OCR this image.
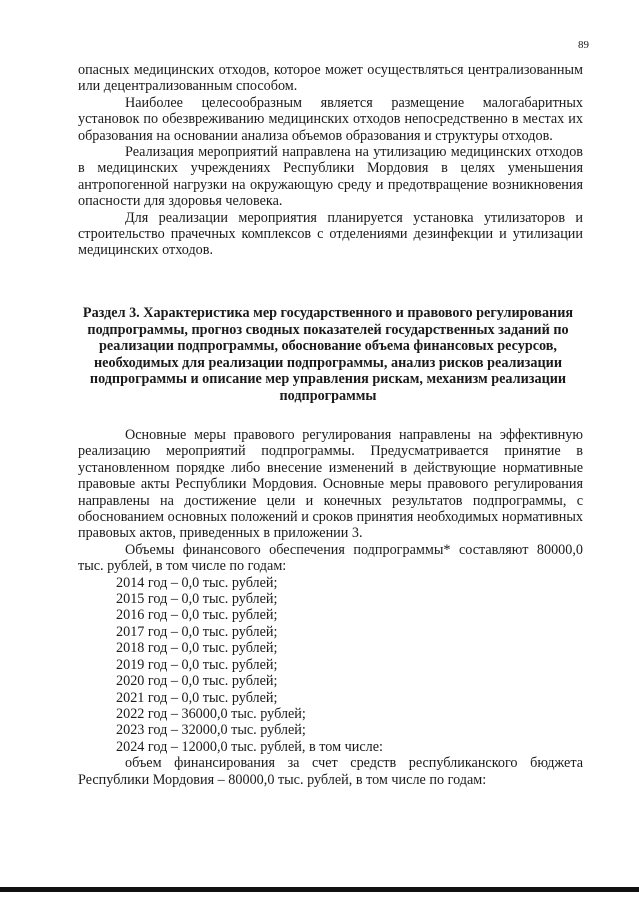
89

опасных медицинских отходов, которое может осуществляться централизованным или децентрализованным способом.

Наиболее целесообразным является размещение малогабаритных установок по обезвреживанию медицинских отходов непосредственно в местах их образования на основании анализа объемов образования и структуры отходов.

Реализация мероприятий направлена на утилизацию медицинских отходов в медицинских учреждениях Республики Мордовия в целях уменьшения антропогенной нагрузки на окружающую среду и предотвращение возникновения опасности для здоровья человека.

Для реализации мероприятия планируется установка утилизаторов и строительство прачечных комплексов с отделениями дезинфекции и утилизации медицинских отходов.

Раздел 3. Характеристика мер государственного и правового регулирования подпрограммы, прогноз сводных показателей государственных заданий по реализации подпрограммы, обоснование объема финансовых ресурсов, необходимых для реализации подпрограммы, анализ рисков реализации подпрограммы и описание мер управления рискам, механизм реализации подпрограммы

Основные меры правового регулирования направлены на эффективную реализацию мероприятий подпрограммы. Предусматривается принятие в установленном порядке либо внесение изменений в действующие нормативные правовые акты Республики Мордовия. Основные меры правового регулирования направлены на достижение цели и конечных результатов подпрограммы, с обоснованием основных положений и сроков принятия необходимых нормативных правовых актов, приведенных в приложении 3.

Объемы финансового обеспечения подпрограммы* составляют 80000,0 тыс. рублей, в том числе по годам:

2014 год – 0,0 тыс. рублей;
2015 год – 0,0 тыс. рублей;
2016 год – 0,0 тыс. рублей;
2017 год – 0,0 тыс. рублей;
2018 год – 0,0 тыс. рублей;
2019 год – 0,0 тыс. рублей;
2020 год – 0,0 тыс. рублей;
2021 год – 0,0 тыс. рублей;
2022 год – 36000,0 тыс. рублей;
2023 год – 32000,0 тыс. рублей;
2024 год – 12000,0 тыс. рублей, в том числе:

объем финансирования за счет средств республиканского бюджета Республики Мордовия – 80000,0 тыс. рублей, в том числе по годам:
